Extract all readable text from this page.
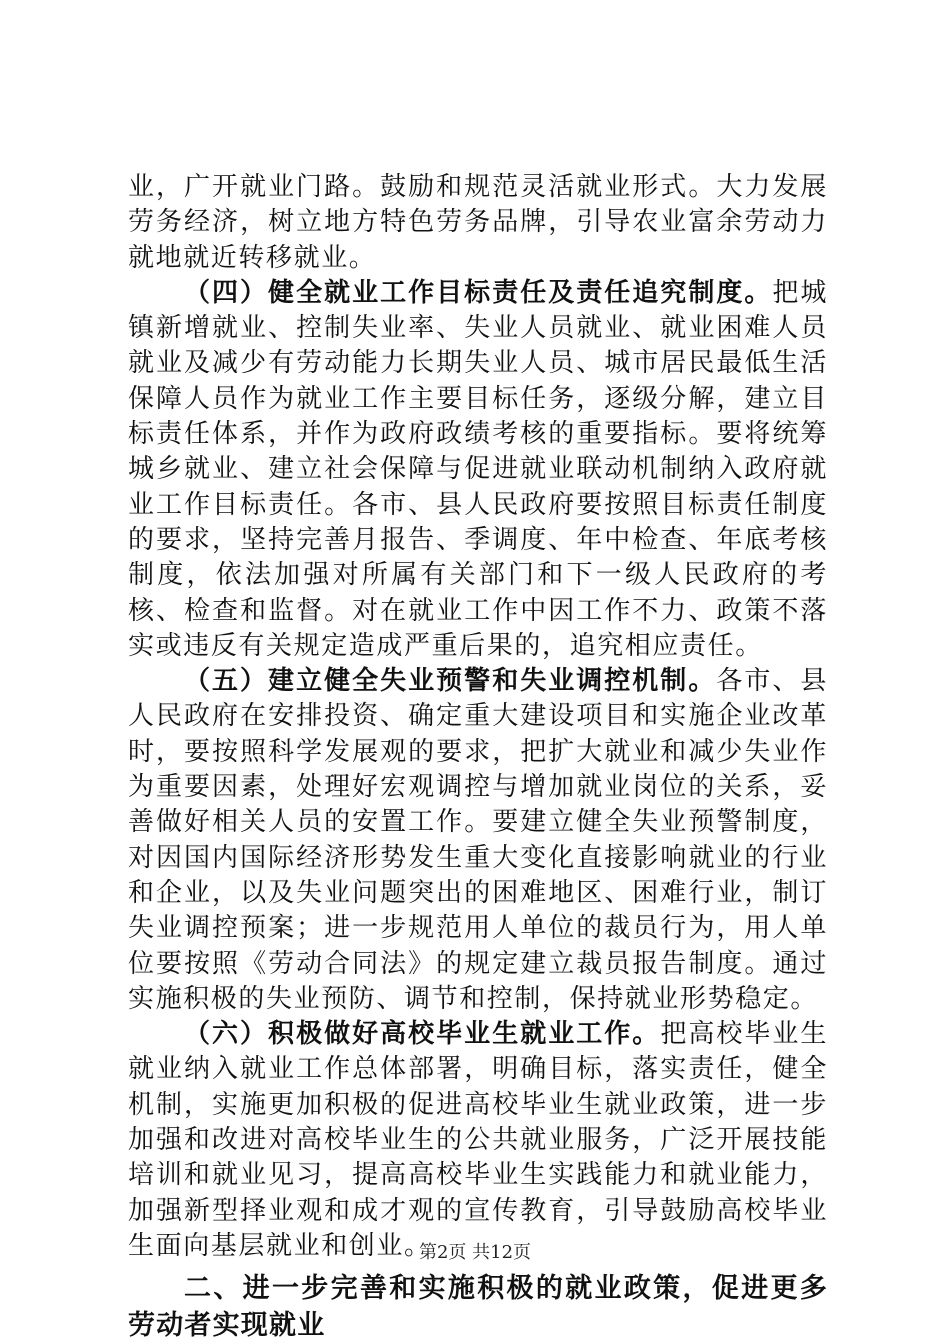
业，广开就业门路。鼓励和规范灵活就业形式。大力发展劳务经济，树立地方特色劳务品牌，引导农业富余劳动力就地就近转移就业。

（四）健全就业工作目标责任及责任追究制度。把城镇新增就业、控制失业率、失业人员就业、就业困难人员就业及减少有劳动能力长期失业人员、城市居民最低生活保障人员作为就业工作主要目标任务，逐级分解，建立目标责任体系，并作为政府政绩考核的重要指标。要将统筹城乡就业、建立社会保障与促进就业联动机制纳入政府就业工作目标责任。各市、县人民政府要按照目标责任制度的要求，坚持完善月报告、季调度、年中检查、年底考核制度，依法加强对所属有关部门和下一级人民政府的考核、检查和监督。对在就业工作中因工作不力、政策不落实或违反有关规定造成严重后果的，追究相应责任。

（五）建立健全失业预警和失业调控机制。各市、县人民政府在安排投资、确定重大建设项目和实施企业改革时，要按照科学发展观的要求，把扩大就业和减少失业作为重要因素，处理好宏观调控与增加就业岗位的关系，妥善做好相关人员的安置工作。要建立健全失业预警制度，对因国内国际经济形势发生重大变化直接影响就业的行业和企业，以及失业问题突出的困难地区、困难行业，制订失业调控预案；进一步规范用人单位的裁员行为，用人单位要按照《劳动合同法》的规定建立裁员报告制度。通过实施积极的失业预防、调节和控制，保持就业形势稳定。

（六）积极做好高校毕业生就业工作。把高校毕业生就业纳入就业工作总体部署，明确目标，落实责任，健全机制，实施更加积极的促进高校毕业生就业政策，进一步加强和改进对高校毕业生的公共就业服务，广泛开展技能培训和就业见习，提高高校毕业生实践能力和就业能力，加强新型择业观和成才观的宣传教育，引导鼓励高校毕业生面向基层就业和创业。

二、进一步完善和实施积极的就业政策，促进更多劳动者实现就业

第2页 共12页
